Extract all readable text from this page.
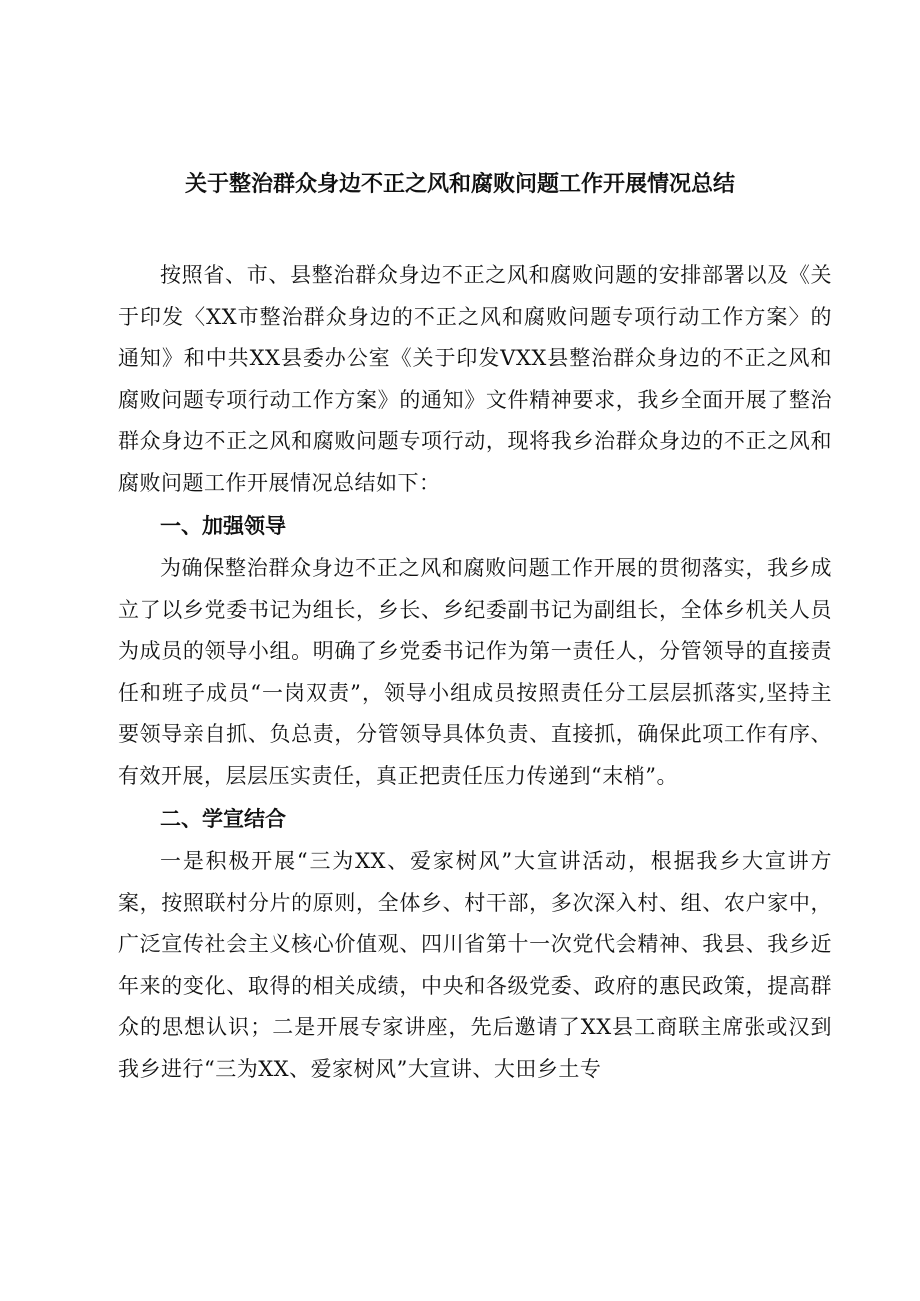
关于整治群众身边不正之风和腐败问题工作开展情况总结

按照省、市、县整治群众身边不正之风和腐败问题的安排部署以及《关于印发〈XX市整治群众身边的不正之风和腐败问题专项行动工作方案〉的通知》和中共XX县委办公室《关于印发VXX县整治群众身边的不正之风和腐败问题专项行动工作方案》的通知》文件精神要求，我乡全面开展了整治群众身边不正之风和腐败问题专项行动，现将我乡治群众身边的不正之风和腐败问题工作开展情况总结如下：

一、加强领导

为确保整治群众身边不正之风和腐败问题工作开展的贯彻落实，我乡成立了以乡党委书记为组长，乡长、乡纪委副书记为副组长，全体乡机关人员为成员的领导小组。明确了乡党委书记作为第一责任人，分管领导的直接责任和班子成员“一岗双责”，领导小组成员按照责任分工层层抓落实,坚持主要领导亲自抓、负总责，分管领导具体负责、直接抓，确保此项工作有序、有效开展，层层压实责任，真正把责任压力传递到“末梢”。

二、学宣结合

一是积极开展“三为XX、爱家树风”大宣讲活动，根据我乡大宣讲方案，按照联村分片的原则，全体乡、村干部，多次深入村、组、农户家中，广泛宣传社会主义核心价值观、四川省第十一次党代会精神、我县、我乡近年来的变化、取得的相关成绩，中央和各级党委、政府的惠民政策，提高群众的思想认识；二是开展专家讲座，先后邀请了XX县工商联主席张或汉到我乡进行“三为XX、爱家树风”大宣讲、大田乡土专
